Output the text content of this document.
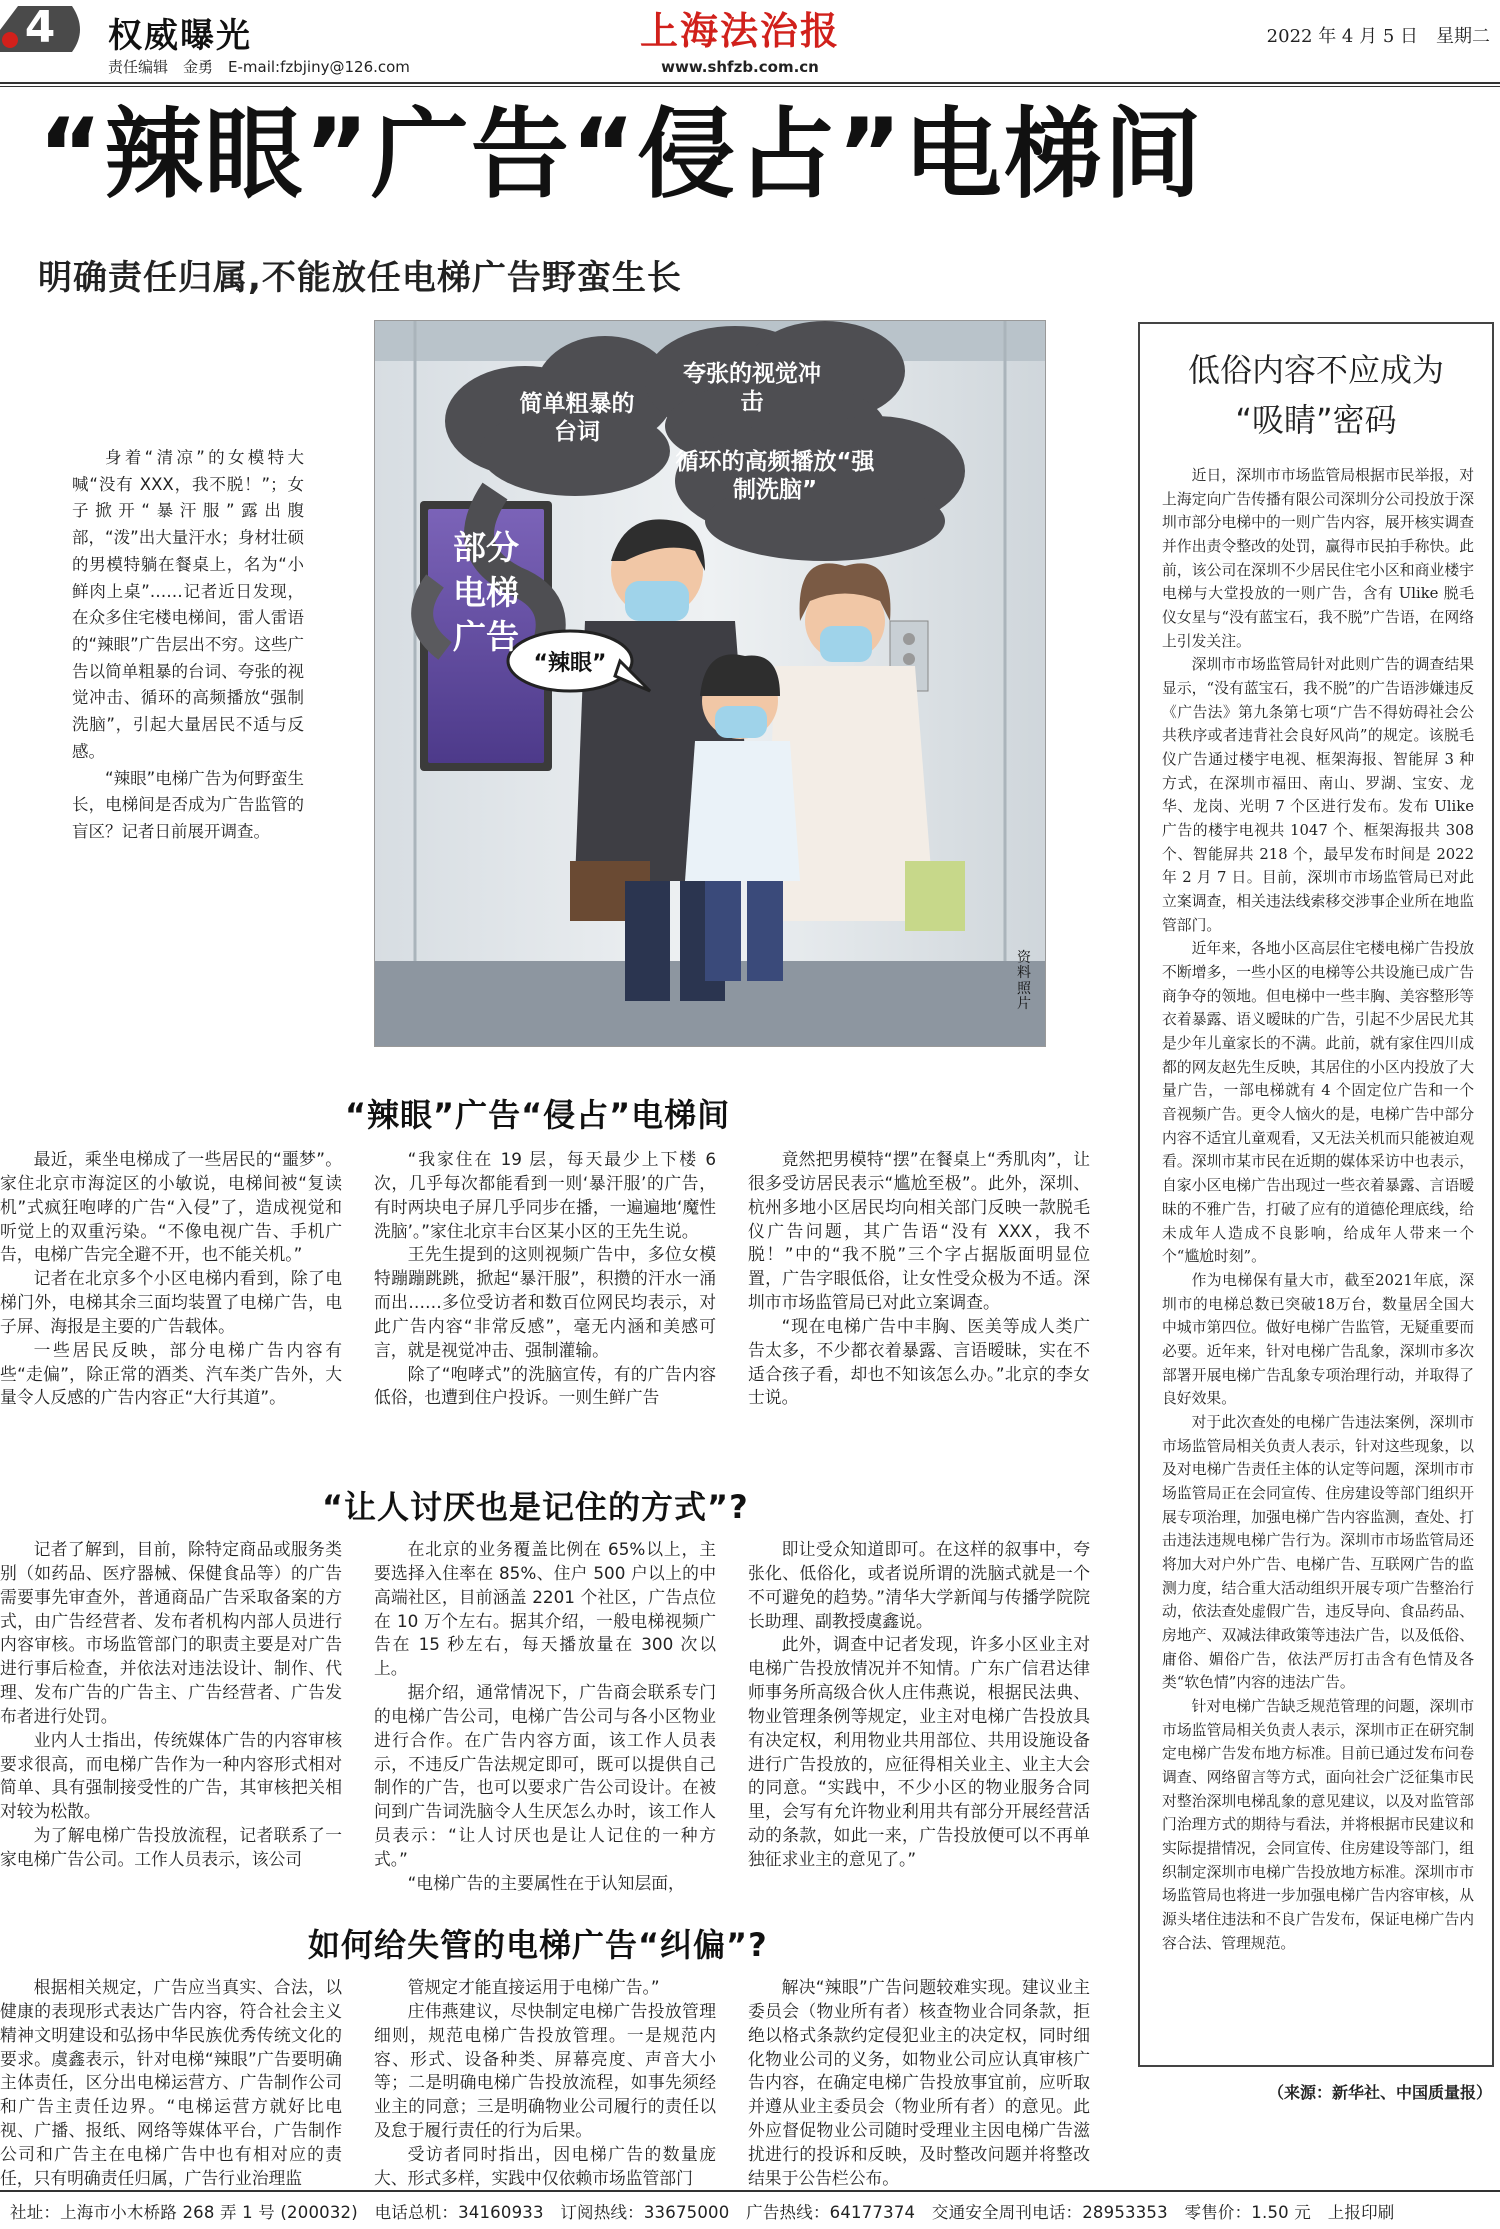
4	权威曝光
责任编辑　金勇　E-mail:fzbjiny@126.com
上海法治报
www.shfzb.com.cn
2022 年 4 月 5 日　星期二
“辣眼”广告“侵占”电梯间
明确责任归属,不能放任电梯广告野蛮生长

身着“清凉”的女模特大喊“没有 XXX，我不脱！”；女子掀开“暴汗服”露出腹部，“泼”出大量汗水；身材壮硕的男模特躺在餐桌上，名为“小鲜肉上桌”……记者近日发现，在众多住宅楼电梯间，雷人雷语的“辣眼”广告层出不穷。这些广告以简单粗暴的台词、夸张的视觉冲击、循环的高频播放“强制洗脑”，引起大量居民不适与反感。

“辣眼”电梯广告为何野蛮生长，电梯间是否成为广告监管的盲区？记者日前展开调查。

简单粗暴的台词
夸张的视觉冲击
循环的高频播放“强制洗脑”
部分电梯广告
“辣眼”
资料照片
“辣眼”广告“侵占”电梯间

最近，乘坐电梯成了一些居民的“噩梦”。家住北京市海淀区的小敏说，电梯间被“复读机”式疯狂咆哮的广告“入侵”了，造成视觉和听觉上的双重污染。“不像电视广告、手机广告，电梯广告完全避不开，也不能关机。”

记者在北京多个小区电梯内看到，除了电梯门外，电梯其余三面均装置了电梯广告，电子屏、海报是主要的广告载体。

一些居民反映，部分电梯广告内容有些“走偏”，除正常的酒类、汽车类广告外，大量令人反感的广告内容正“大行其道”。

“我家住在 19 层，每天最少上下楼 6 次，几乎每次都能看到一则‘暴汗服’的广告，有时两块电子屏几乎同步在播，一遍遍地‘魔性洗脑’。”家住北京丰台区某小区的王先生说。

王先生提到的这则视频广告中，多位女模特蹦蹦跳跳，掀起“暴汗服”，积攒的汗水一涌而出……多位受访者和数百位网民均表示，对此广告内容“非常反感”，毫无内涵和美感可言，就是视觉冲击、强制灌输。

除了“咆哮式”的洗脑宣传，有的广告内容低俗，也遭到住户投诉。一则生鲜广告

竟然把男模特“摆”在餐桌上“秀肌肉”，让很多受访居民表示“尴尬至极”。此外，深圳、杭州多地小区居民均向相关部门反映一款脱毛仪广告问题，其广告语“没有 XXX，我不脱！”中的“我不脱”三个字占据版面明显位置，广告字眼低俗，让女性受众极为不适。深圳市市场监管局已对此立案调查。

“现在电梯广告中丰胸、医美等成人类广告太多，不少都衣着暴露、言语暧昧，实在不适合孩子看，却也不知该怎么办。”北京的李女士说。

“让人讨厌也是记住的方式”?

记者了解到，目前，除特定商品或服务类别（如药品、医疗器械、保健食品等）的广告需要事先审查外，普通商品广告采取备案的方式，由广告经营者、发布者机构内部人员进行内容审核。市场监管部门的职责主要是对广告进行事后检查，并依法对违法设计、制作、代理、发布广告的广告主、广告经营者、广告发布者进行处罚。

业内人士指出，传统媒体广告的内容审核要求很高，而电梯广告作为一种内容形式相对简单、具有强制接受性的广告，其审核把关相对较为松散。

为了解电梯广告投放流程，记者联系了一家电梯广告公司。工作人员表示，该公司

在北京的业务覆盖比例在 65%以上，主要选择入住率在 85%、住户 500 户以上的中高端社区，目前涵盖 2201 个社区，广告点位在 10 万个左右。据其介绍，一般电梯视频广告在 15 秒左右，每天播放量在 300 次以上。

据介绍，通常情况下，广告商会联系专门的电梯广告公司，电梯广告公司与各小区物业进行合作。在广告内容方面，该工作人员表示，不违反广告法规定即可，既可以提供自己制作的广告，也可以要求广告公司设计。在被问到广告词洗脑令人生厌怎么办时，该工作人员表示：“让人讨厌也是让人记住的一种方式。”

“电梯广告的主要属性在于认知层面，

即让受众知道即可。在这样的叙事中，夸张化、低俗化，或者说所谓的洗脑式就是一个不可避免的趋势。”清华大学新闻与传播学院院长助理、副教授虞鑫说。

此外，调查中记者发现，许多小区业主对电梯广告投放情况并不知情。广东广信君达律师事务所高级合伙人庄伟燕说，根据民法典、物业管理条例等规定，业主对电梯广告投放具有决定权，利用物业共用部位、共用设施设备进行广告投放的，应征得相关业主、业主大会的同意。“实践中，不少小区的物业服务合同里，会写有允许物业利用共有部分开展经营活动的条款，如此一来，广告投放便可以不再单独征求业主的意见了。”

如何给失管的电梯广告“纠偏”?

根据相关规定，广告应当真实、合法，以健康的表现形式表达广告内容，符合社会主义精神文明建设和弘扬中华民族优秀传统文化的要求。虞鑫表示，针对电梯“辣眼”广告要明确主体责任，区分出电梯运营方、广告制作公司和广告主责任边界。“电梯运营方就好比电视、广播、报纸、网络等媒体平台，广告制作公司和广告主在电梯广告中也有相对应的责任，只有明确责任归属，广告行业治理监

管规定才能直接运用于电梯广告。”

庄伟燕建议，尽快制定电梯广告投放管理细则，规范电梯广告投放管理。一是规范内容、形式、设备种类、屏幕亮度、声音大小等；二是明确电梯广告投放流程，如事先须经业主的同意；三是明确物业公司履行的责任以及怠于履行责任的行为后果。

受访者同时指出，因电梯广告的数量庞大、形式多样，实践中仅依赖市场监管部门

解决“辣眼”广告问题较难实现。建议业主委员会（物业所有者）核查物业合同条款，拒绝以格式条款约定侵犯业主的决定权，同时细化物业公司的义务，如物业公司应认真审核广告内容，在确定电梯广告投放事宜前，应听取并遵从业主委员会（物业所有者）的意见。此外应督促物业公司随时受理业主因电梯广告滋扰进行的投诉和反映，及时整改问题并将整改结果于公告栏公布。

低俗内容不应成为
“吸睛”密码

近日，深圳市市场监管局根据市民举报，对上海定向广告传播有限公司深圳分公司投放于深圳市部分电梯中的一则广告内容，展开核实调查并作出责令整改的处罚，赢得市民拍手称快。此前，该公司在深圳不少居民住宅小区和商业楼宇电梯与大堂投放的一则广告，含有 Ulike 脱毛仪女星与“没有蓝宝石，我不脱”广告语，在网络上引发关注。

深圳市市场监管局针对此则广告的调查结果显示，“没有蓝宝石，我不脱”的广告语涉嫌违反《广告法》第九条第七项“广告不得妨碍社会公共秩序或者违背社会良好风尚”的规定。该脱毛仪广告通过楼宇电视、框架海报、智能屏 3 种方式，在深圳市福田、南山、罗湖、宝安、龙华、龙岗、光明 7 个区进行发布。发布 Ulike 广告的楼宇电视共 1047 个、框架海报共 308 个、智能屏共 218 个，最早发布时间是 2022 年 2 月 7 日。目前，深圳市市场监管局已对此立案调查，相关违法线索移交涉事企业所在地监管部门。

近年来，各地小区高层住宅楼电梯广告投放不断增多，一些小区的电梯等公共设施已成广告商争夺的领地。但电梯中一些丰胸、美容整形等衣着暴露、语义暧昧的广告，引起不少居民尤其是少年儿童家长的不满。此前，就有家住四川成都的网友赵先生反映，其居住的小区内投放了大量广告，一部电梯就有 4 个固定位广告和一个音视频广告。更令人恼火的是，电梯广告中部分内容不适宜儿童观看，又无法关机而只能被迫观看。深圳市某市民在近期的媒体采访中也表示，自家小区电梯广告出现过一些衣着暴露、言语暧昧的不雅广告，打破了应有的道德伦理底线，给未成年人造成不良影响，给成年人带来一个个“尴尬时刻”。

作为电梯保有量大市，截至2021年底，深圳市的电梯总数已突破18万台，数量居全国大中城市第四位。做好电梯广告监管，无疑重要而必要。近年来，针对电梯广告乱象，深圳市多次部署开展电梯广告乱象专项治理行动，并取得了良好效果。

对于此次查处的电梯广告违法案例，深圳市市场监管局相关负责人表示，针对这些现象，以及对电梯广告责任主体的认定等问题，深圳市市场监管局正在会同宣传、住房建设等部门组织开展专项治理，加强电梯广告内容监测，查处、打击违法违规电梯广告行为。深圳市市场监管局还将加大对户外广告、电梯广告、互联网广告的监测力度，结合重大活动组织开展专项广告整治行动，依法查处虚假广告，违反导向、食品药品、房地产、双减法律政策等违法广告，以及低俗、庸俗、媚俗广告，依法严厉打击含有色情及各类“软色情”内容的违法广告。

针对电梯广告缺乏规范管理的问题，深圳市市场监管局相关负责人表示，深圳市正在研究制定电梯广告发布地方标准。目前已通过发布问卷调查、网络留言等方式，面向社会广泛征集市民对整治深圳电梯乱象的意见建议，以及对监管部门治理方式的期待与看法，并将根据市民建议和实际提措情况，会同宣传、住房建设等部门，组织制定深圳市电梯广告投放地方标准。深圳市市场监管局也将进一步加强电梯广告内容审核，从源头堵住违法和不良广告发布，保证电梯广告内容合法、管理规范。

（来源：新华社、中国质量报）
社址：上海市小木桥路 268 弄 1 号 (200032)　电话总机：34160933　订阅热线：33675000　广告热线：64177374　交通安全周刊电话：28953353　零售价：1.50 元　上报印刷
